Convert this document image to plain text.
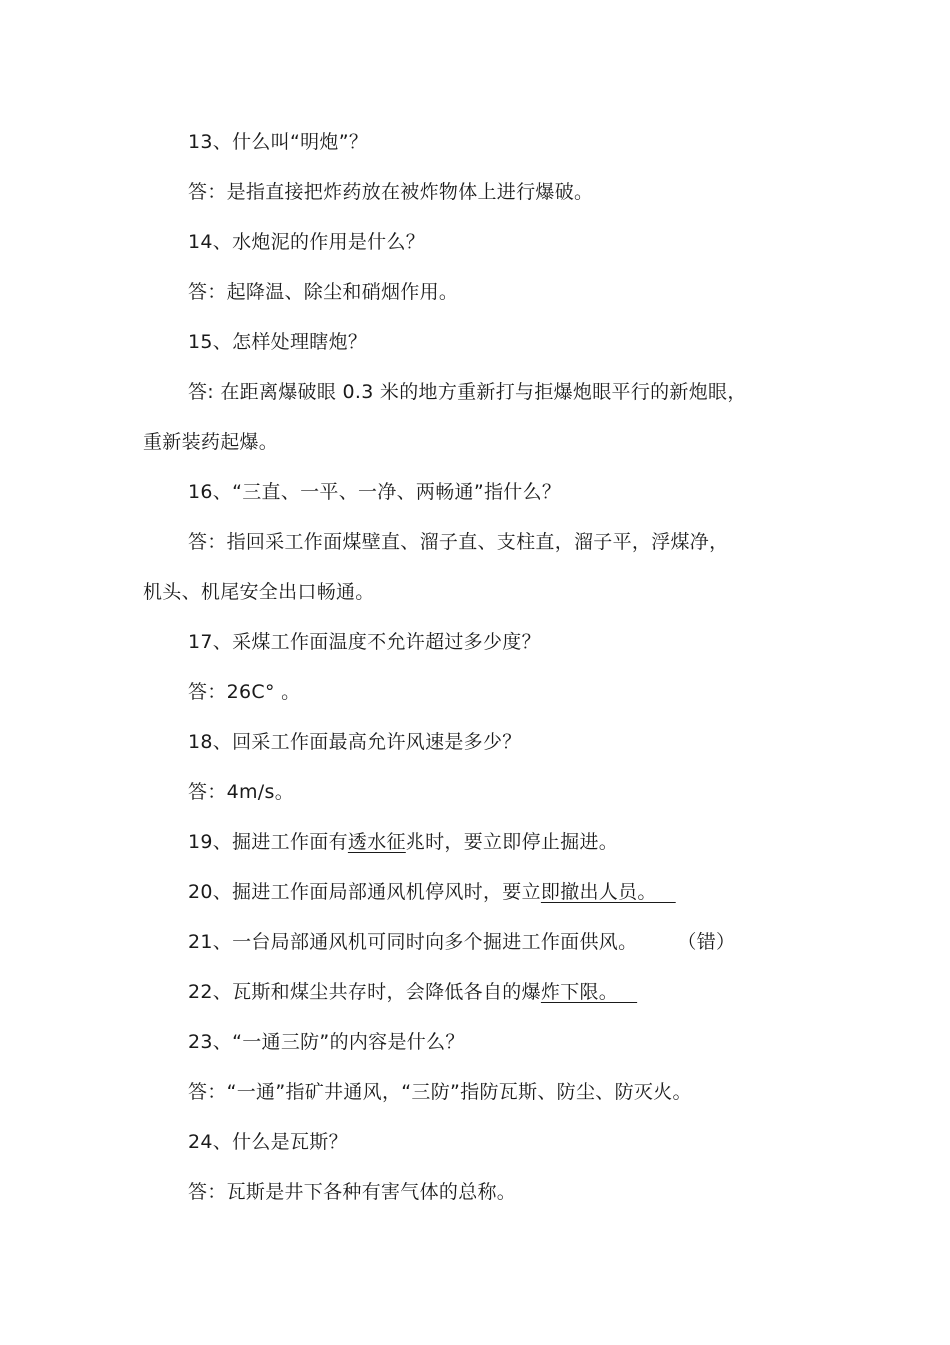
13、什么叫“明炮”？
答：是指直接把炸药放在被炸物体上进行爆破。
14、水炮泥的作用是什么？
答：起降温、除尘和硝烟作用。
15、怎样处理瞎炮？
答: 在距离爆破眼 0.3 米的地方重新打与拒爆炮眼平行的新炮眼，
重新装药起爆。
16、“三直、一平、一净、两畅通”指什么？
答：指回采工作面煤壁直、溜子直、支柱直，溜子平，浮煤净，
机头、机尾安全出口畅通。
17、采煤工作面温度不允许超过多少度？
答：26C° 。
18、回采工作面最高允许风速是多少？
答：4m/s。
19、掘进工作面有透水征兆时，要立即停止掘进。
20、掘进工作面局部通风机停风时，要立即撤出人员。
21、一台局部通风机可同时向多个掘进工作面供风。 （错）
22、瓦斯和煤尘共存时，会降低各自的爆炸下限。
23、“一通三防”的内容是什么？
答：“一通”指矿井通风，“三防”指防瓦斯、防尘、防灭火。
24、什么是瓦斯？
答：瓦斯是井下各种有害气体的总称。
